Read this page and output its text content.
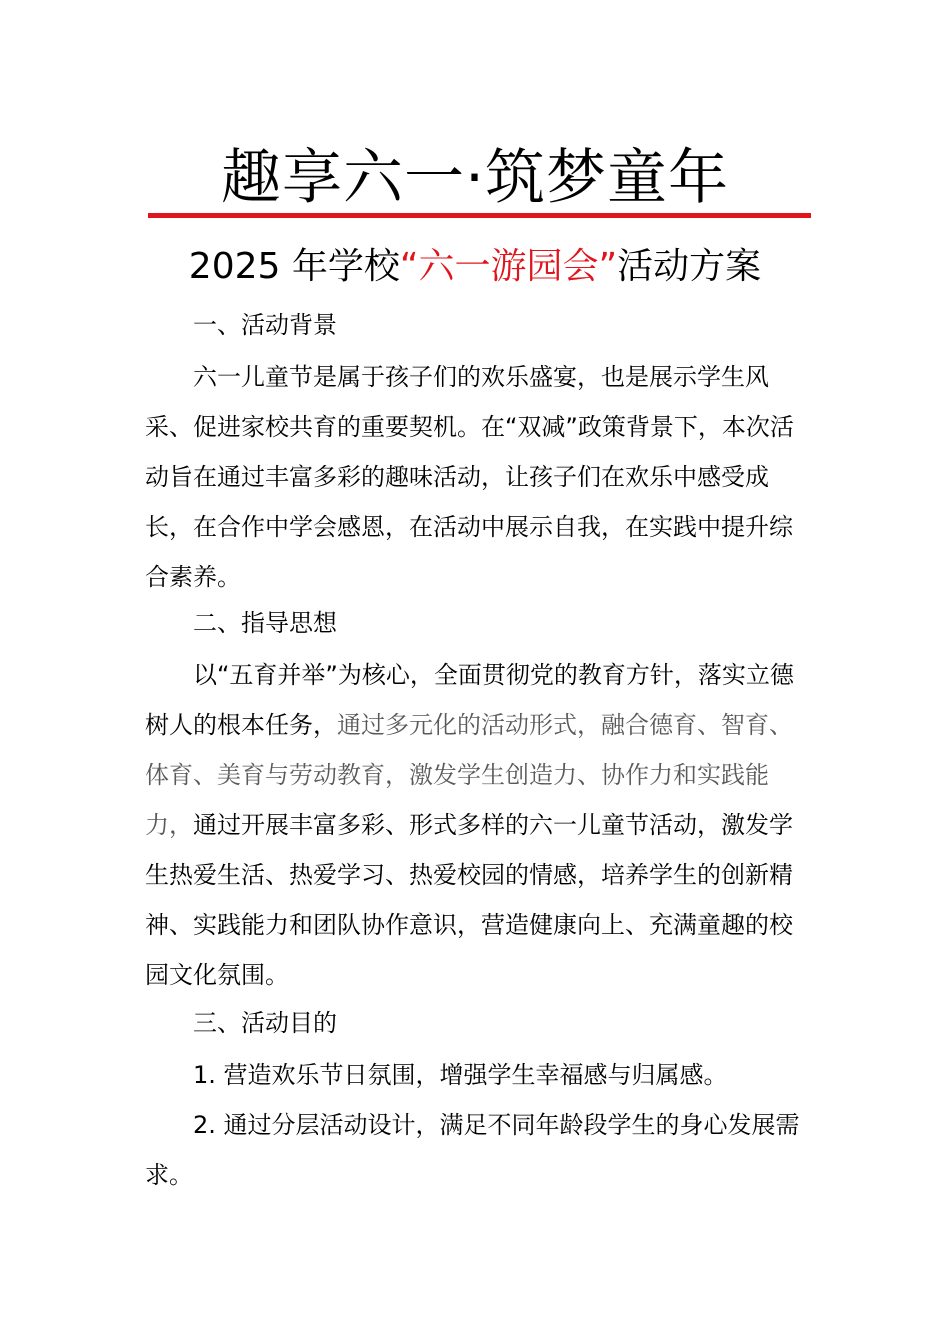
趣享六一·筑梦童年
2025 年学校“六一游园会”活动方案
一、活动背景
六一儿童节是属于孩子们的欢乐盛宴，也是展示学生风采、促进家校共育的重要契机。在“双减”政策背景下，本次活动旨在通过丰富多彩的趣味活动，让孩子们在欢乐中感受成长，在合作中学会感恩，在活动中展示自我，在实践中提升综合素养。
二、指导思想
以“五育并举”为核心，全面贯彻党的教育方针，落实立德树人的根本任务，通过多元化的活动形式，融合德育、智育、体育、美育与劳动教育，激发学生创造力、协作力和实践能力，通过开展丰富多彩、形式多样的六一儿童节活动，激发学生热爱生活、热爱学习、热爱校园的情感，培养学生的创新精神、实践能力和团队协作意识，营造健康向上、充满童趣的校园文化氛围。
三、活动目的
1. 营造欢乐节日氛围，增强学生幸福感与归属感。
2. 通过分层活动设计，满足不同年龄段学生的身心发展需求。
